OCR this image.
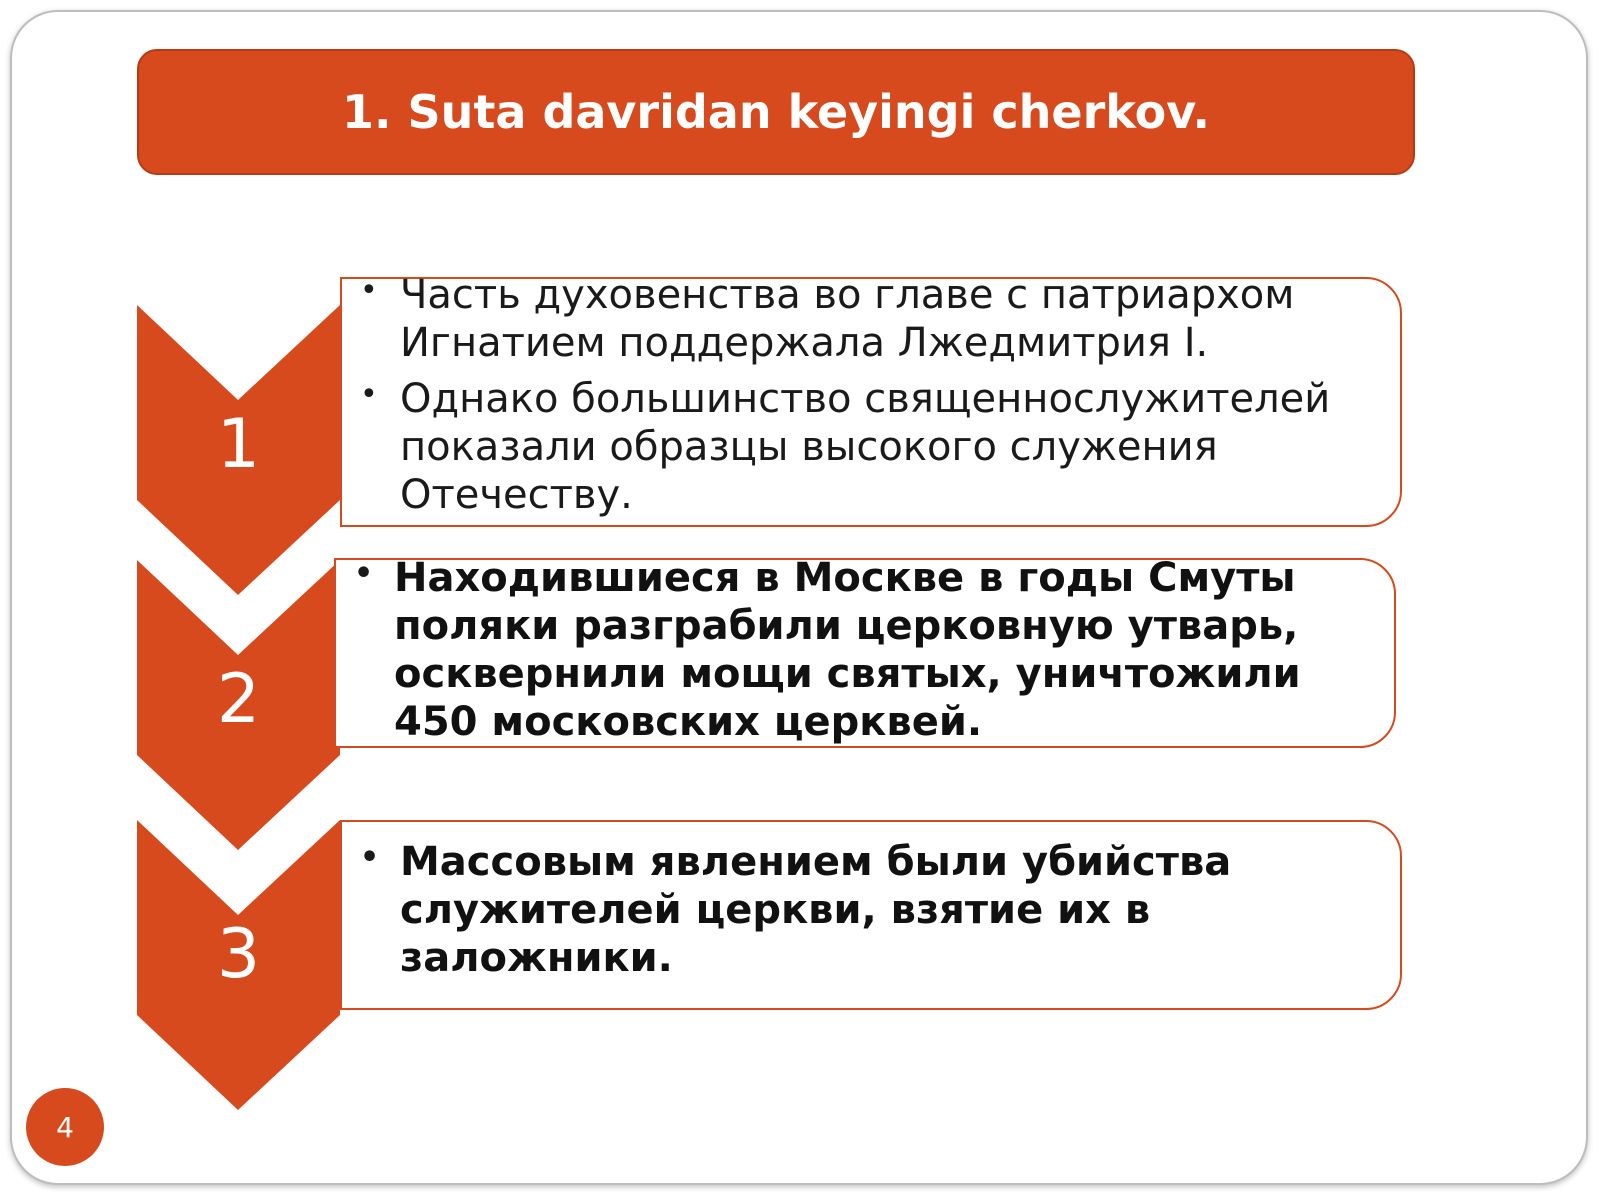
1. Suta davridan keyingi cherkov.
1
2
3
• Часть духовенства во главе с патриархом Игнатием поддержала Лжедмитрия I.
• Однако большинство священнослужителей показали образцы высокого служения Отечеству.
• Находившиеся в Москве в годы Смуты поляки разграбили церковную утварь, осквернили мощи святых, уничтожили 450 московских церквей.
• Массовым явлением были убийства служителей церкви, взятие их в заложники.
4
